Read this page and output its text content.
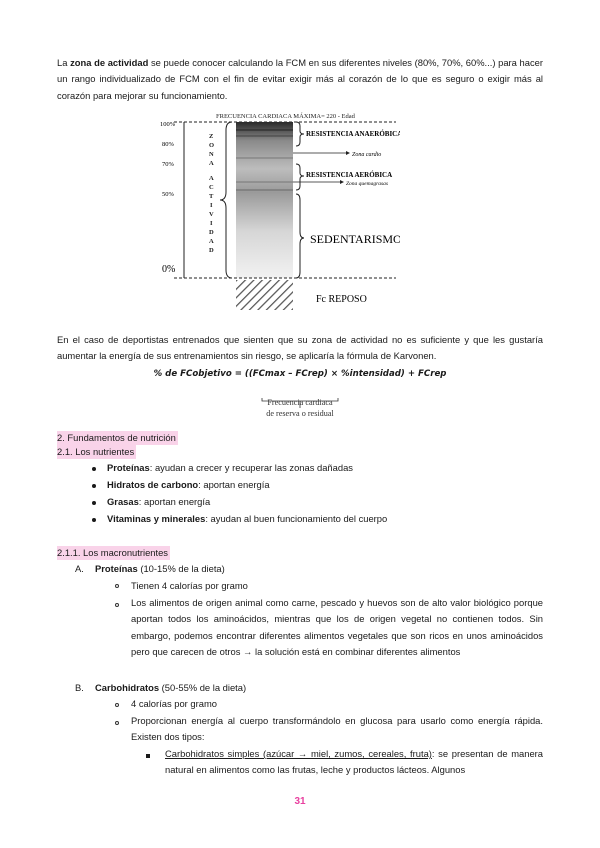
La zona de actividad se puede conocer calculando la FCM en sus diferentes niveles (80%, 70%, 60%...) para hacer un rango individualizado de FCM con el fin de evitar exigir más al corazón de lo que es seguro o exigir más al corazón para mejorar su funcionamiento.

FRECUENCIA CARDIACA MÁXIMA= 220 - Edad
100%
80%
70%
50%
0%
Z
O
N
A
A
C
T
I
V
I
D
A
D
RESISTENCIA ANAERÓBICA
Zona cardio
RESISTENCIA AERÓBICA
Zona quemagrasas
SEDENTARISMO
Fc REPOSO

En el caso de deportistas entrenados que sienten que su zona de actividad no es suficiente y que les gustaría aumentar la energía de sus entrenamientos sin riesgo, se aplicaría la fórmula de Karvonen.

% de FCobjetivo = ((FCmax – FCrep) × %intensidad) + FCrep
Frecuencia cardiaca
de reserva o residual
2. Fundamentos de nutrición
2.1. Los nutrientes
Proteínas: ayudan a crecer y recuperar las zonas dañadas
Hidratos de carbono: aportan energía
Grasas: aportan energía
Vitaminas y minerales: ayudan al buen funcionamiento del cuerpo
2.1.1. Los macronutrientes
A. Proteínas (10-15% de la dieta)
Tienen 4 calorías por gramo

Los alimentos de origen animal como carne, pescado y huevos son de alto valor biológico porque aportan todos los aminoácidos, mientras que los de origen vegetal no contienen todos. Sin embargo, podemos encontrar diferentes alimentos vegetales que son ricos en unos aminoácidos pero que carecen de otros → la solución está en combinar diferentes alimentos

B. Carbohidratos (50-55% de la dieta)
4 calorías por gramo

Proporcionan energía al cuerpo transformándolo en glucosa para usarlo como energía rápida. Existen dos tipos:

Carbohidratos simples (azúcar → miel, zumos, cereales, fruta): se presentan de manera natural en alimentos como las frutas, leche y productos lácteos. Algunos

31
